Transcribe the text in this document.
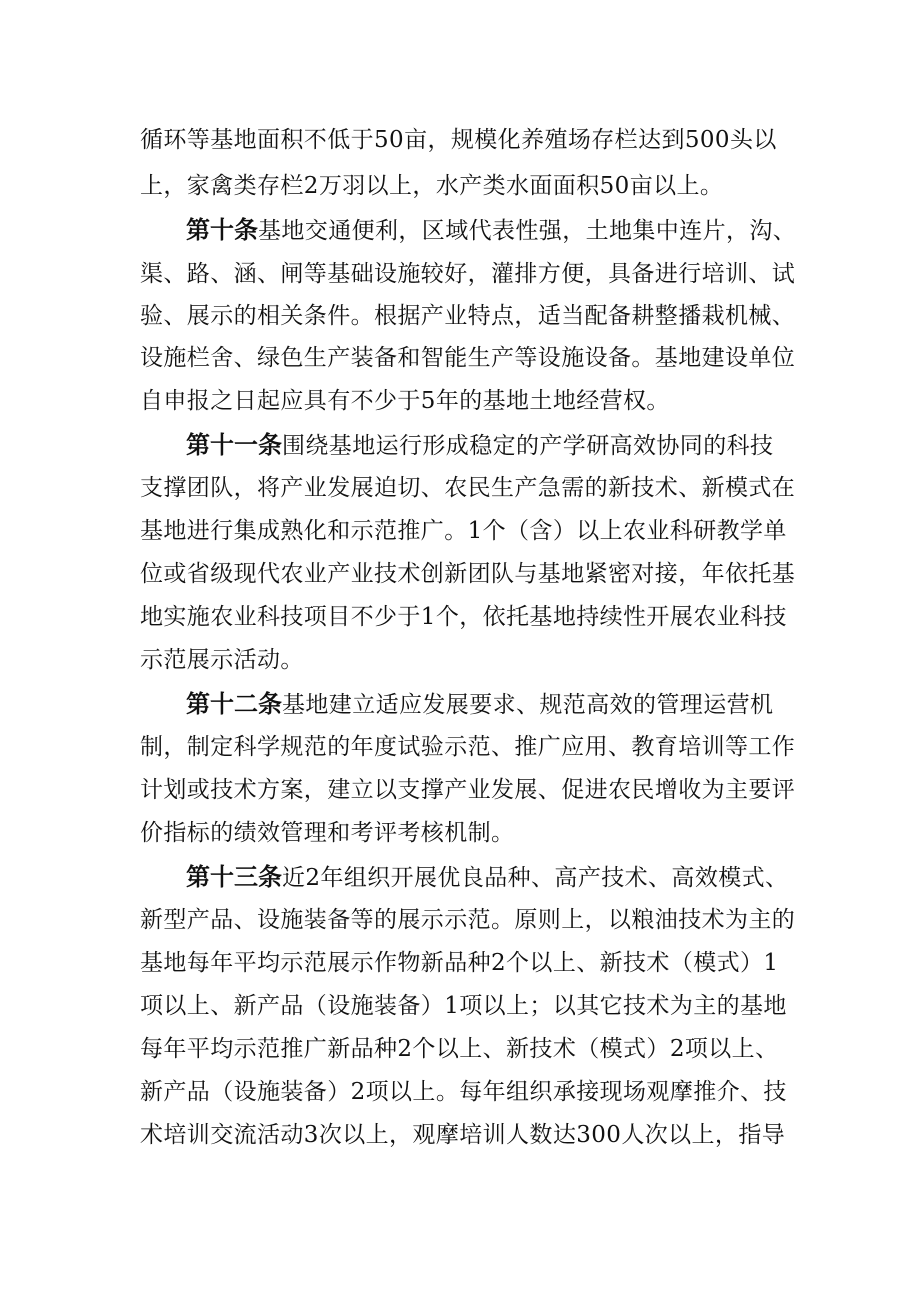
循环等基地面积不低于50亩，规模化养殖场存栏达到500头以
上，家禽类存栏2万羽以上，水产类水面面积50亩以上。
第十条基地交通便利，区域代表性强，土地集中连片，沟、
渠、路、涵、闸等基础设施较好，灌排方便，具备进行培训、试
验、展示的相关条件。根据产业特点，适当配备耕整播栽机械、
设施栏舍、绿色生产装备和智能生产等设施设备。基地建设单位
自申报之日起应具有不少于5年的基地土地经营权。
第十一条围绕基地运行形成稳定的产学研高效协同的科技
支撑团队，将产业发展迫切、农民生产急需的新技术、新模式在
基地进行集成熟化和示范推广。1个（含）以上农业科研教学单
位或省级现代农业产业技术创新团队与基地紧密对接，年依托基
地实施农业科技项目不少于1个，依托基地持续性开展农业科技
示范展示活动。
第十二条基地建立适应发展要求、规范高效的管理运营机
制，制定科学规范的年度试验示范、推广应用、教育培训等工作
计划或技术方案，建立以支撑产业发展、促进农民增收为主要评
价指标的绩效管理和考评考核机制。
第十三条近2年组织开展优良品种、高产技术、高效模式、
新型产品、设施装备等的展示示范。原则上，以粮油技术为主的
基地每年平均示范展示作物新品种2个以上、新技术（模式）1
项以上、新产品（设施装备）1项以上；以其它技术为主的基地
每年平均示范推广新品种2个以上、新技术（模式）2项以上、
新产品（设施装备）2项以上。每年组织承接现场观摩推介、技
术培训交流活动3次以上，观摩培训人数达300人次以上，指导
